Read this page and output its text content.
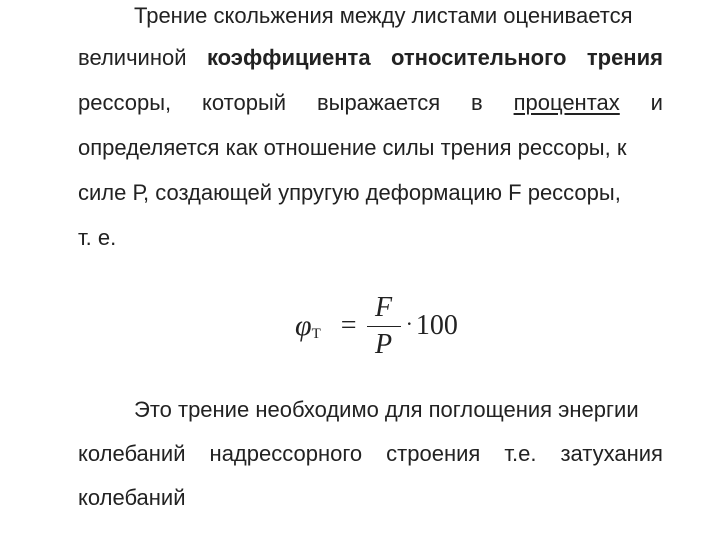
Трение скольжения между листами оценивается
величиной коэффициента относительного трения
рессоры, который выражается в процентах и
определяется как отношение силы трения рессоры, к
силе Р, создающей упругую деформацию F рессоры,
т. е.
φ $T = \frac{F}{P} \cdot 100$
Это трение необходимо для поглощения энергии
колебаний надрессорного строения т.е. затухания
колебаний
